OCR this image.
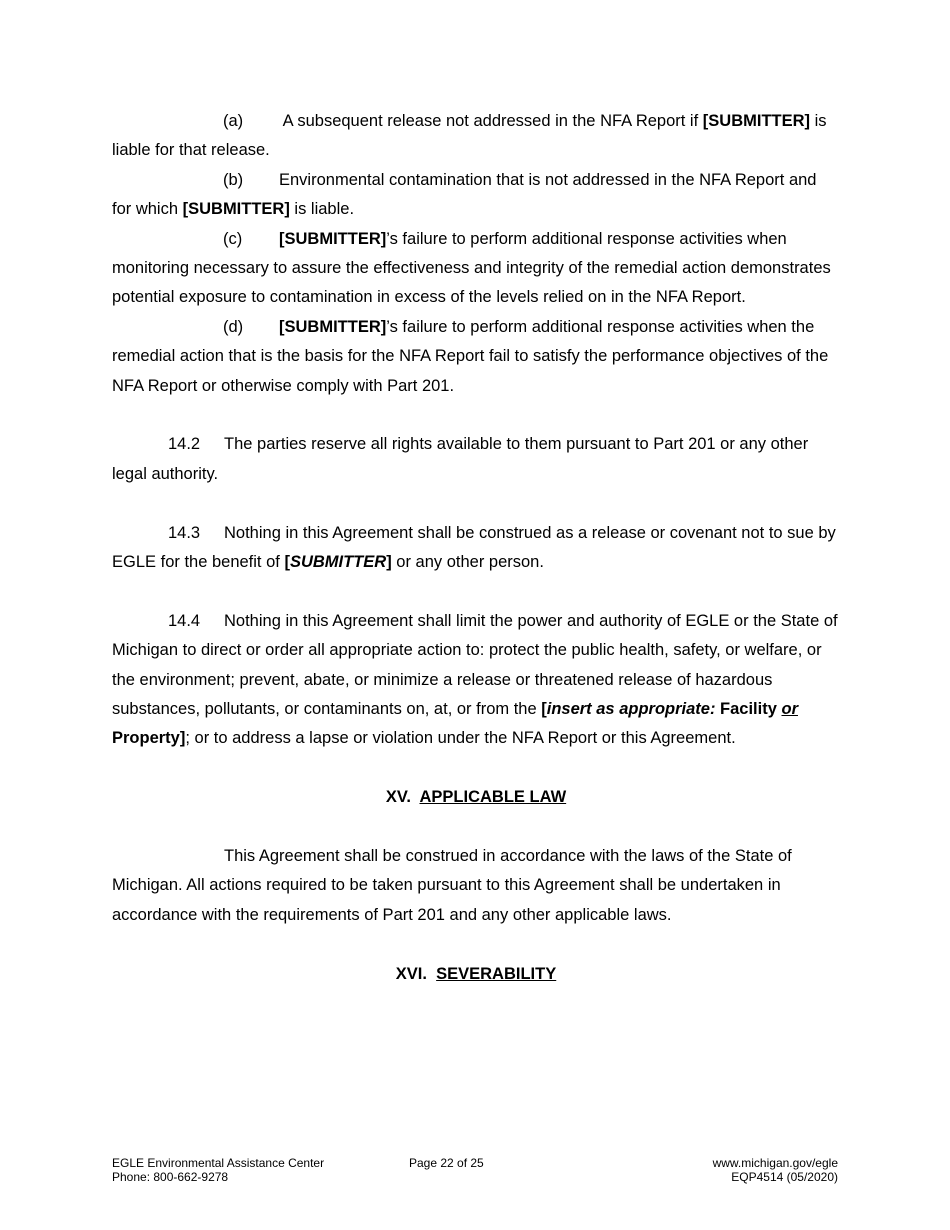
(a) A subsequent release not addressed in the NFA Report if [SUBMITTER] is liable for that release.

(b) Environmental contamination that is not addressed in the NFA Report and for which [SUBMITTER] is liable.

(c) [SUBMITTER]’s failure to perform additional response activities when monitoring necessary to assure the effectiveness and integrity of the remedial action demonstrates potential exposure to contamination in excess of the levels relied on in the NFA Report.

(d) [SUBMITTER]’s failure to perform additional response activities when the remedial action that is the basis for the NFA Report fail to satisfy the performance objectives of the NFA Report or otherwise comply with Part 201.

14.2 The parties reserve all rights available to them pursuant to Part 201 or any other legal authority.

14.3 Nothing in this Agreement shall be construed as a release or covenant not to sue by EGLE for the benefit of [SUBMITTER] or any other person.

14.4 Nothing in this Agreement shall limit the power and authority of EGLE or the State of Michigan to direct or order all appropriate action to: protect the public health, safety, or welfare, or the environment; prevent, abate, or minimize a release or threatened release of hazardous substances, pollutants, or contaminants on, at, or from the [insert as appropriate: Facility or Property]; or to address a lapse or violation under the NFA Report or this Agreement.

XV. APPLICABLE LAW

This Agreement shall be construed in accordance with the laws of the State of Michigan. All actions required to be taken pursuant to this Agreement shall be undertaken in accordance with the requirements of Part 201 and any other applicable laws.

XVI. SEVERABILITY

EGLE Environmental Assistance Center
Phone: 800-662-9278
Page 22 of 25	www.michigan.gov/egle
EQP4514 (05/2020)
